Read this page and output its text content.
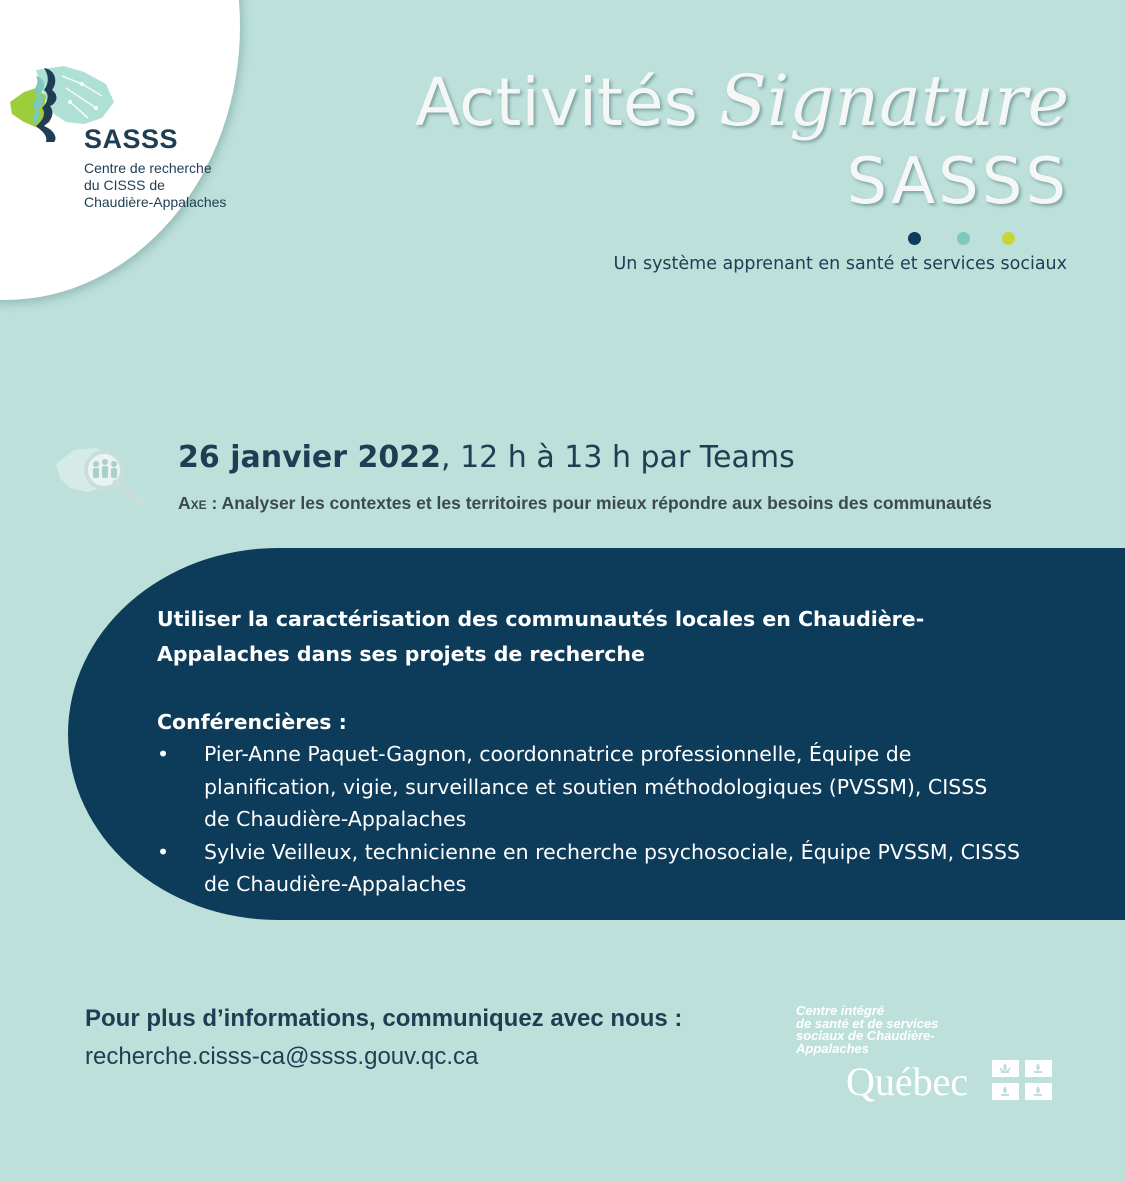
SASSS
Centre de recherche
du CISSS de
Chaudière-Appalaches
Activités Signature
SASSS
Un système apprenant en santé et services sociaux
26 janvier 2022, 12 h à 13 h par Teams
Axe : Analyser les contextes et les territoires pour mieux répondre aux besoins des communautés
Utiliser la caractérisation des communautés locales en Chaudière-
Appalaches dans ses projets de recherche
Conférencières :
• Pier-Anne Paquet-Gagnon, coordonnatrice professionnelle, Équipe de
planification, vigie, surveillance et soutien méthodologiques (PVSSM), CISSS
de Chaudière-Appalaches
• Sylvie Veilleux, technicienne en recherche psychosociale, Équipe PVSSM, CISSS
de Chaudière-Appalaches
Pour plus d’informations, communiquez avec nous :
recherche.cisss-ca@ssss.gouv.qc.ca
Centre intégré
de santé et de services
sociaux de Chaudière-
Appalaches
Québec
